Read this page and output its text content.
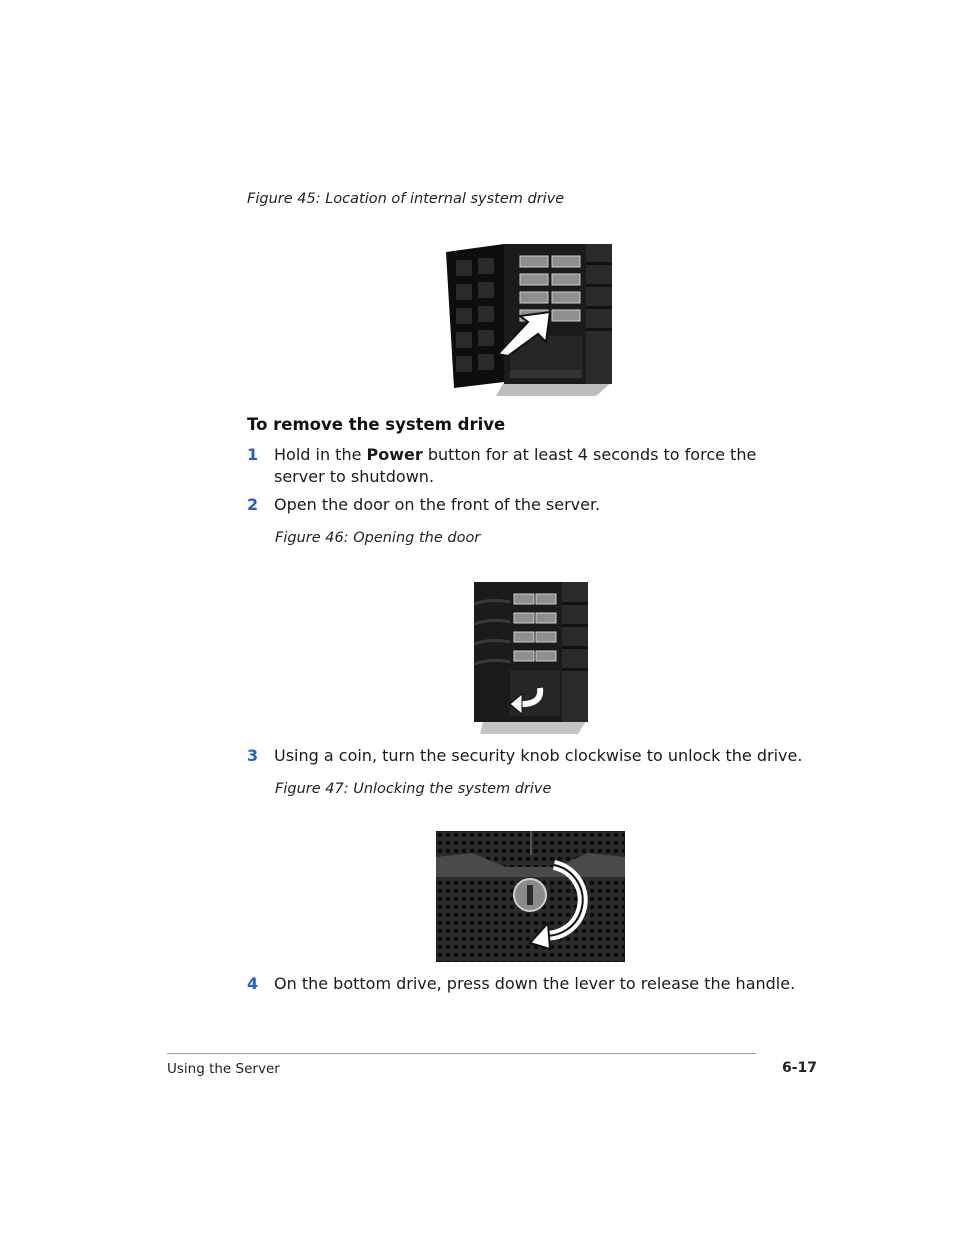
Figure 45: Location of internal system drive
To remove the system drive
1 Hold in the Power button for at least 4 seconds to force the server to shutdown.
2 Open the door on the front of the server.
Figure 46: Opening the door
3 Using a coin, turn the security knob clockwise to unlock the drive.
Figure 47: Unlocking the system drive
4 On the bottom drive, press down the lever to release the handle.
Using the Server	6-17
